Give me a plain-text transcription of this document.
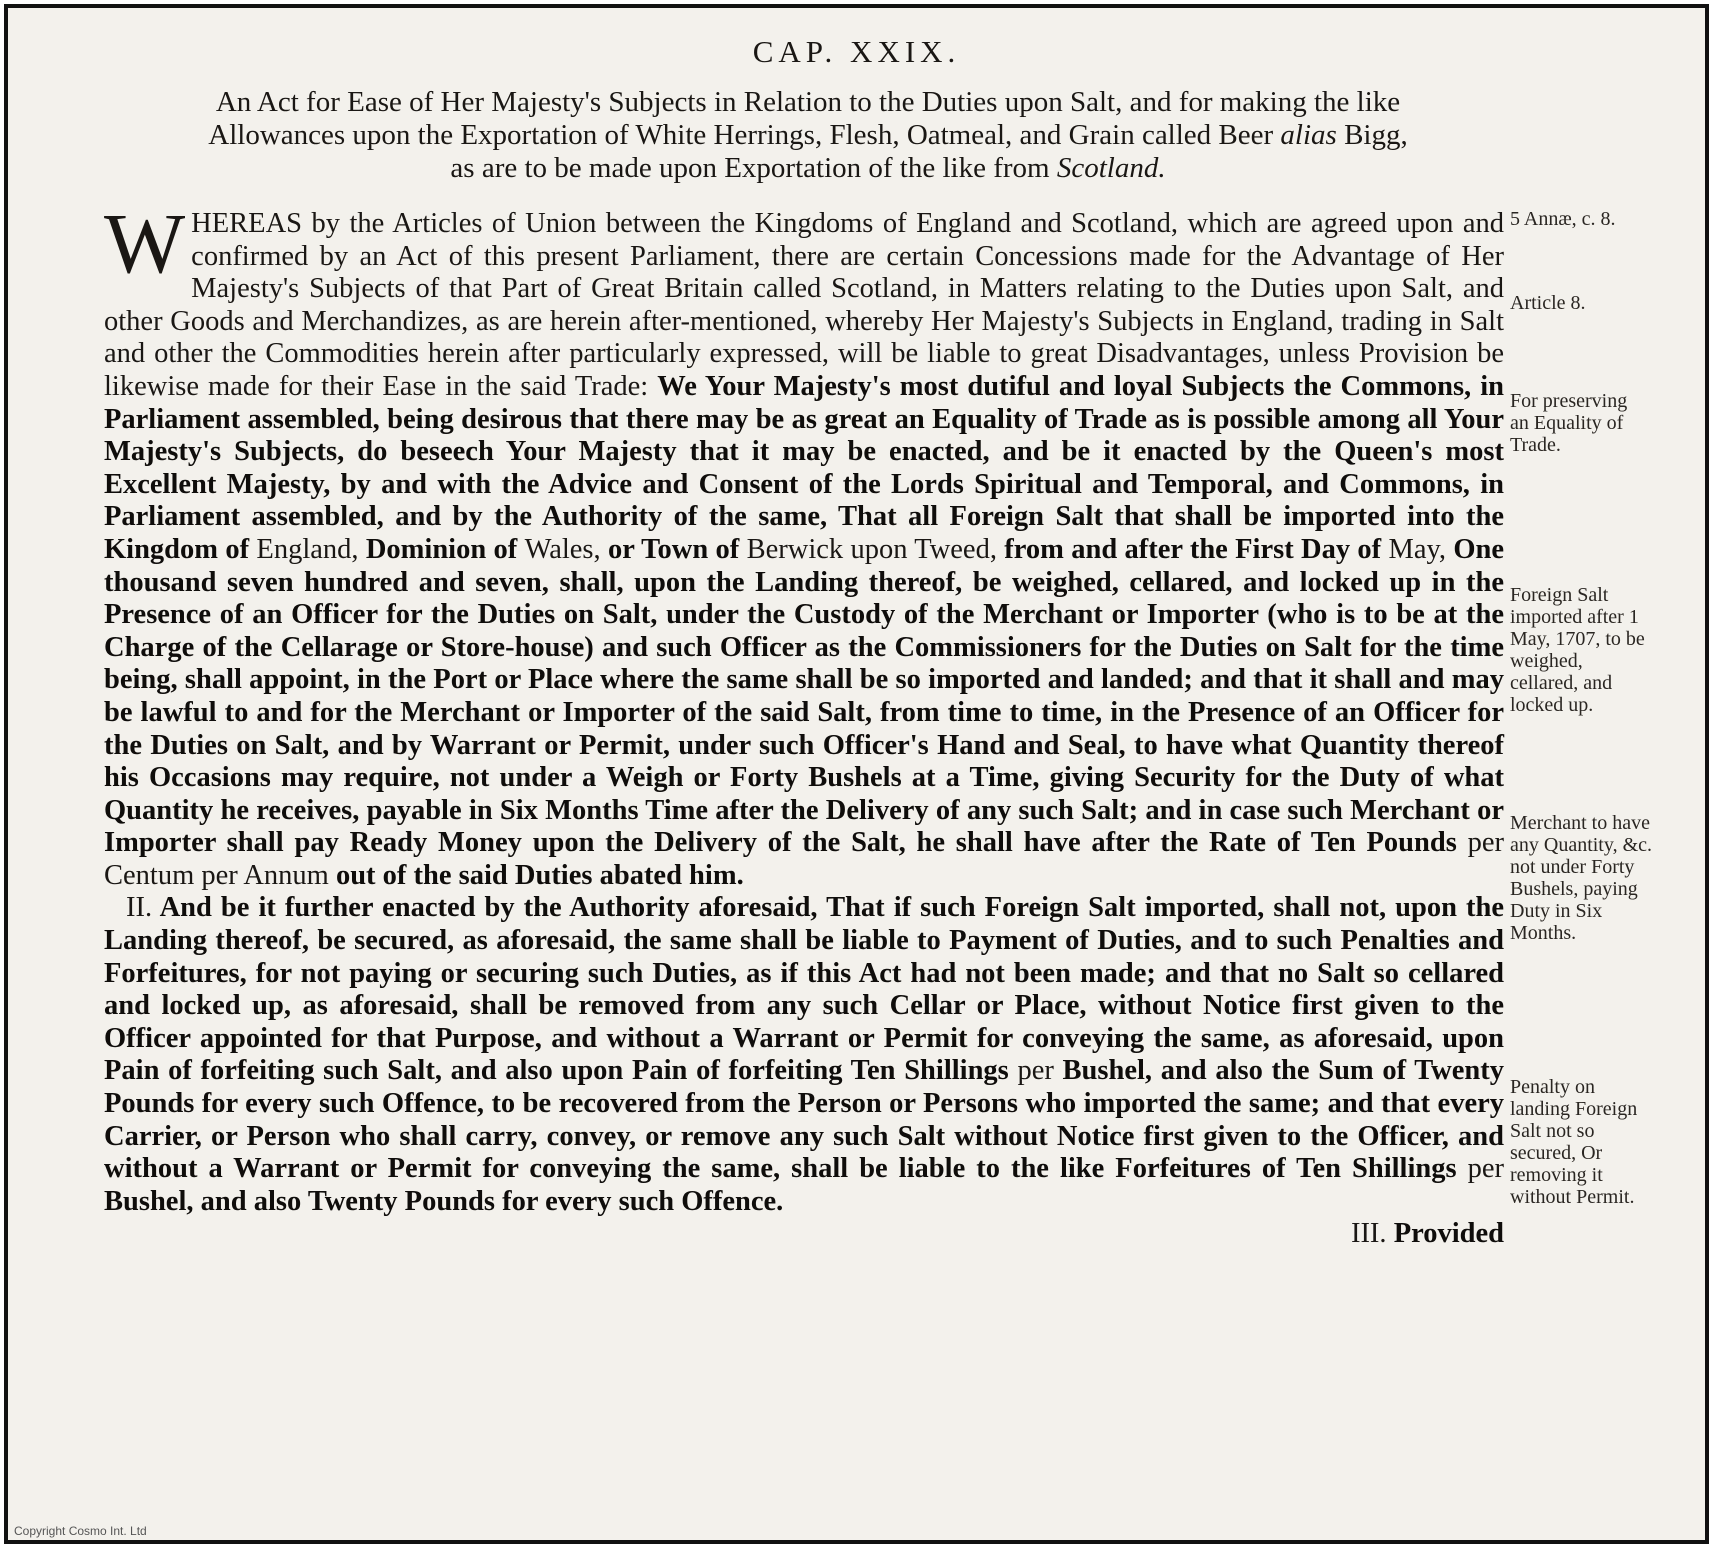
CAP. XXIX.

An Act for Ease of Her Majesty's Subjects in Relation to the Duties upon Salt, and for making the like

Allowances upon the Exportation of White Herrings, Flesh, Oatmeal, and Grain called Beer alias Bigg,

as are to be made upon Exportation of the like from Scotland.

WHEREAS by the Articles of Union between the Kingdoms of England and Scotland, which are agreed upon and confirmed by an Act of this present Parliament, there are certain Concessions made for the Advantage of Her Majesty's Subjects of that Part of Great Britain called Scotland, in Matters relating to the Duties upon Salt, and other Goods and Merchandizes, as are herein after-mentioned, whereby Her Majesty's Subjects in England, trading in Salt and other the Commodities herein after particularly expressed, will be liable to great Disadvantages, unless Provision be likewise made for their Ease in the said Trade: We Your Majesty's most dutiful and loyal Subjects the Commons, in Parliament assembled, being desirous that there may be as great an Equality of Trade as is possible among all Your Majesty's Subjects, do beseech Your Majesty that it may be enacted, and be it enacted by the Queen's most Excellent Majesty, by and with the Advice and Consent of the Lords Spiritual and Temporal, and Commons, in Parliament assembled, and by the Authority of the same, That all Foreign Salt that shall be imported into the Kingdom of England, Dominion of Wales, or Town of Berwick upon Tweed, from and after the First Day of May, One thousand seven hundred and seven, shall, upon the Landing thereof, be weighed, cellared, and locked up in the Presence of an Officer for the Duties on Salt, under the Custody of the Merchant or Importer (who is to be at the Charge of the Cellarage or Store-house) and such Officer as the Commissioners for the Duties on Salt for the time being, shall appoint, in the Port or Place where the same shall be so imported and landed; and that it shall and may be lawful to and for the Merchant or Importer of the said Salt, from time to time, in the Presence of an Officer for the Duties on Salt, and by Warrant or Permit, under such Officer's Hand and Seal, to have what Quantity thereof his Occasions may require, not under a Weigh or Forty Bushels at a Time, giving Security for the Duty of what Quantity he receives, payable in Six Months Time after the Delivery of any such Salt; and in case such Merchant or Importer shall pay Ready Money upon the Delivery of the Salt, he shall have after the Rate of Ten Pounds per Centum per Annum out of the said Duties abated him.

II. And be it further enacted by the Authority aforesaid, That if such Foreign Salt imported, shall not, upon the Landing thereof, be secured, as aforesaid, the same shall be liable to Payment of Duties, and to such Penalties and Forfeitures, for not paying or securing such Duties, as if this Act had not been made; and that no Salt so cellared and locked up, as aforesaid, shall be removed from any such Cellar or Place, without Notice first given to the Officer appointed for that Purpose, and without a Warrant or Permit for conveying the same, as aforesaid, upon Pain of forfeiting such Salt, and also upon Pain of forfeiting Ten Shillings per Bushel, and also the Sum of Twenty Pounds for every such Offence, to be recovered from the Person or Persons who imported the same; and that every Carrier, or Person who shall carry, convey, or remove any such Salt without Notice first given to the Officer, and without a Warrant or Permit for conveying the same, shall be liable to the like Forfeitures of Ten Shillings per Bushel, and also Twenty Pounds for every such Offence.

III. Provided

5 Annæ, c. 8.
Article 8.
For preserving an Equality of Trade.
Foreign Salt imported after 1 May, 1707, to be weighed, cellared, and locked up.
Merchant to have any Quantity, &c. not under Forty Bushels, paying Duty in Six Months.
Penalty on landing Foreign Salt not so secured, Or removing it without Permit.
Copyright Cosmo Int. Ltd
